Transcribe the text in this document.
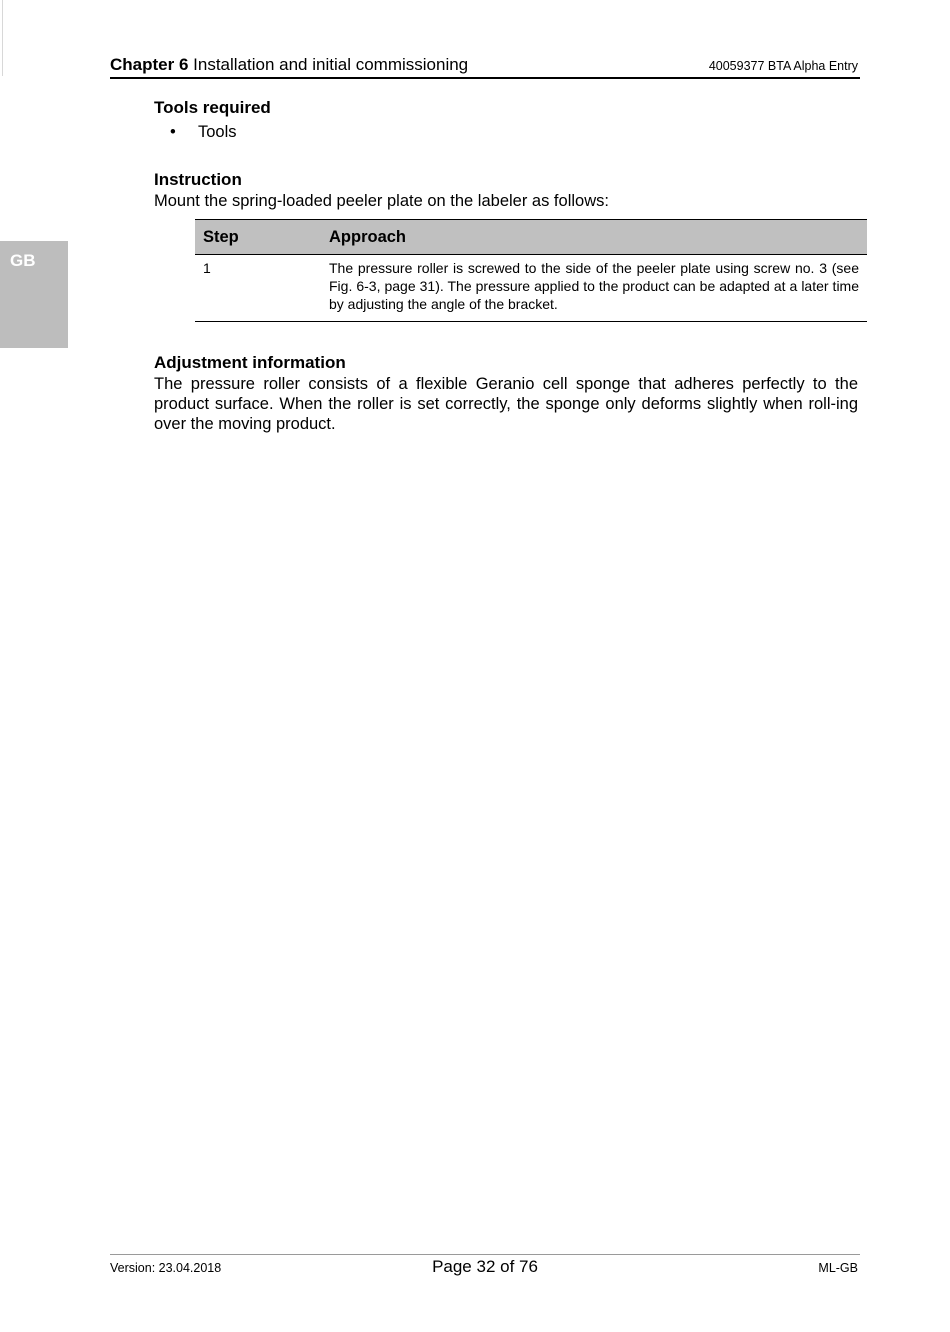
GB
Chapter 6 Installation and initial commissioning	40059377 BTA Alpha Entry
Tools required
• Tools
Instruction

Mount the spring-loaded peeler plate on the labeler as follows:

Step	Approach
1	The pressure roller is screwed to the side of the peeler plate using screw no. 3 (see Fig. 6-3, page 31). The pressure applied to the product can be adapted at a later time by adjusting the angle of the bracket.
Adjustment information

The pressure roller consists of a flexible Geranio cell sponge that adheres perfectly to the product surface. When the roller is set correctly, the sponge only deforms slightly when roll-ing over the moving product.

Version: 23.04.2018	Page 32 of 76	ML-GB
